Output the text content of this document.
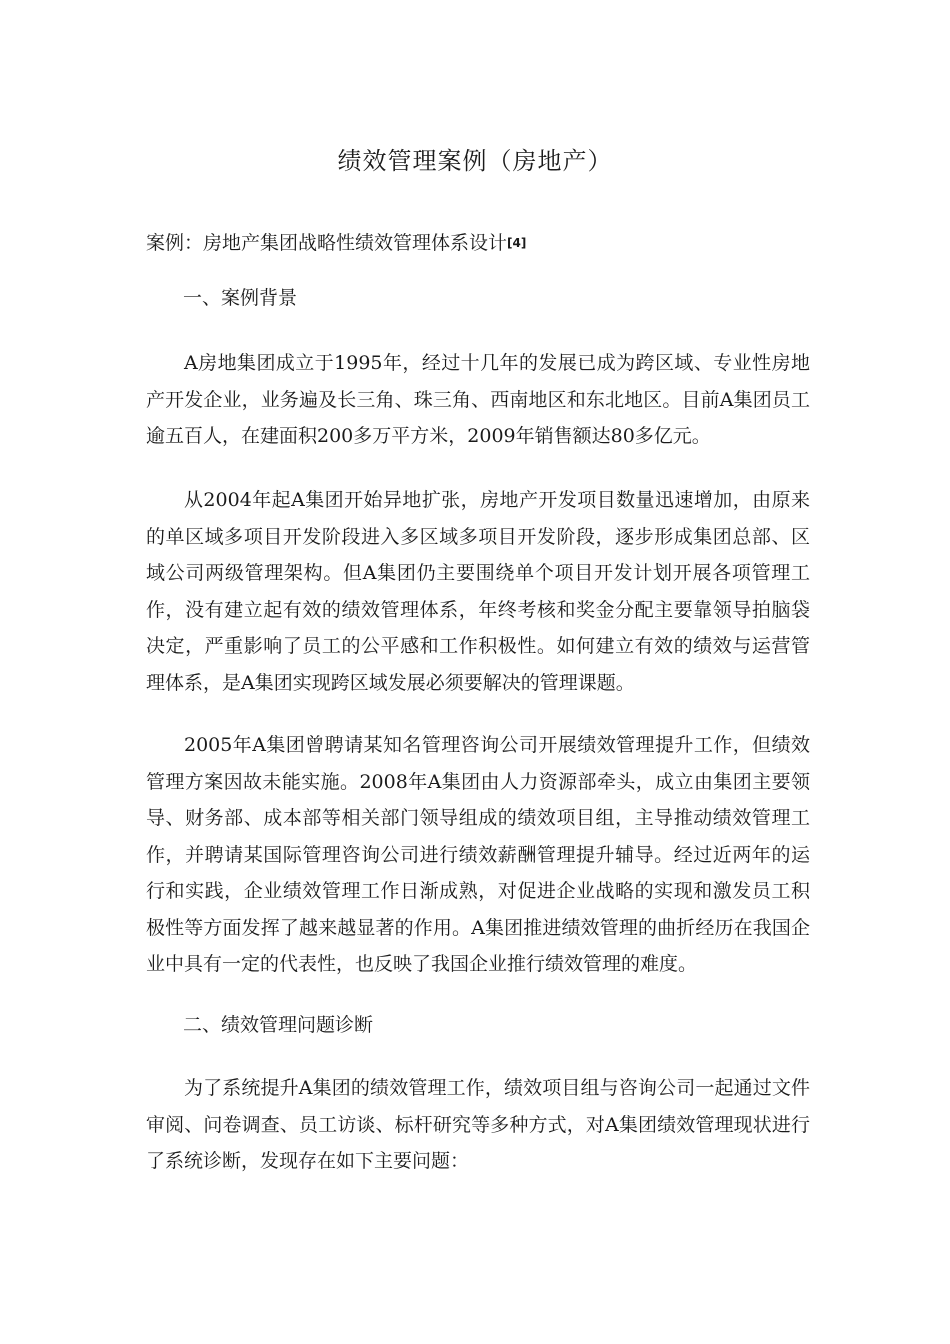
绩效管理案例（房地产）
案例：房地产集团战略性绩效管理体系设计[4]
一、案例背景
A房地集团成立于1995年，经过十几年的发展已成为跨区域、专业性房地产开发企业，业务遍及长三角、珠三角、西南地区和东北地区。目前A集团员工逾五百人，在建面积200多万平方米，2009年销售额达80多亿元。
从2004年起A集团开始异地扩张，房地产开发项目数量迅速增加，由原来的单区域多项目开发阶段进入多区域多项目开发阶段，逐步形成集团总部、区域公司两级管理架构。但A集团仍主要围绕单个项目开发计划开展各项管理工作，没有建立起有效的绩效管理体系，年终考核和奖金分配主要靠领导拍脑袋决定，严重影响了员工的公平感和工作积极性。如何建立有效的绩效与运营管理体系，是A集团实现跨区域发展必须要解决的管理课题。
2005年A集团曾聘请某知名管理咨询公司开展绩效管理提升工作，但绩效管理方案因故未能实施。2008年A集团由人力资源部牵头，成立由集团主要领导、财务部、成本部等相关部门领导组成的绩效项目组，主导推动绩效管理工作，并聘请某国际管理咨询公司进行绩效薪酬管理提升辅导。经过近两年的运行和实践，企业绩效管理工作日渐成熟，对促进企业战略的实现和激发员工积极性等方面发挥了越来越显著的作用。A集团推进绩效管理的曲折经历在我国企业中具有一定的代表性，也反映了我国企业推行绩效管理的难度。
二、绩效管理问题诊断
为了系统提升A集团的绩效管理工作，绩效项目组与咨询公司一起通过文件审阅、问卷调查、员工访谈、标杆研究等多种方式，对A集团绩效管理现状进行了系统诊断，发现存在如下主要问题：
